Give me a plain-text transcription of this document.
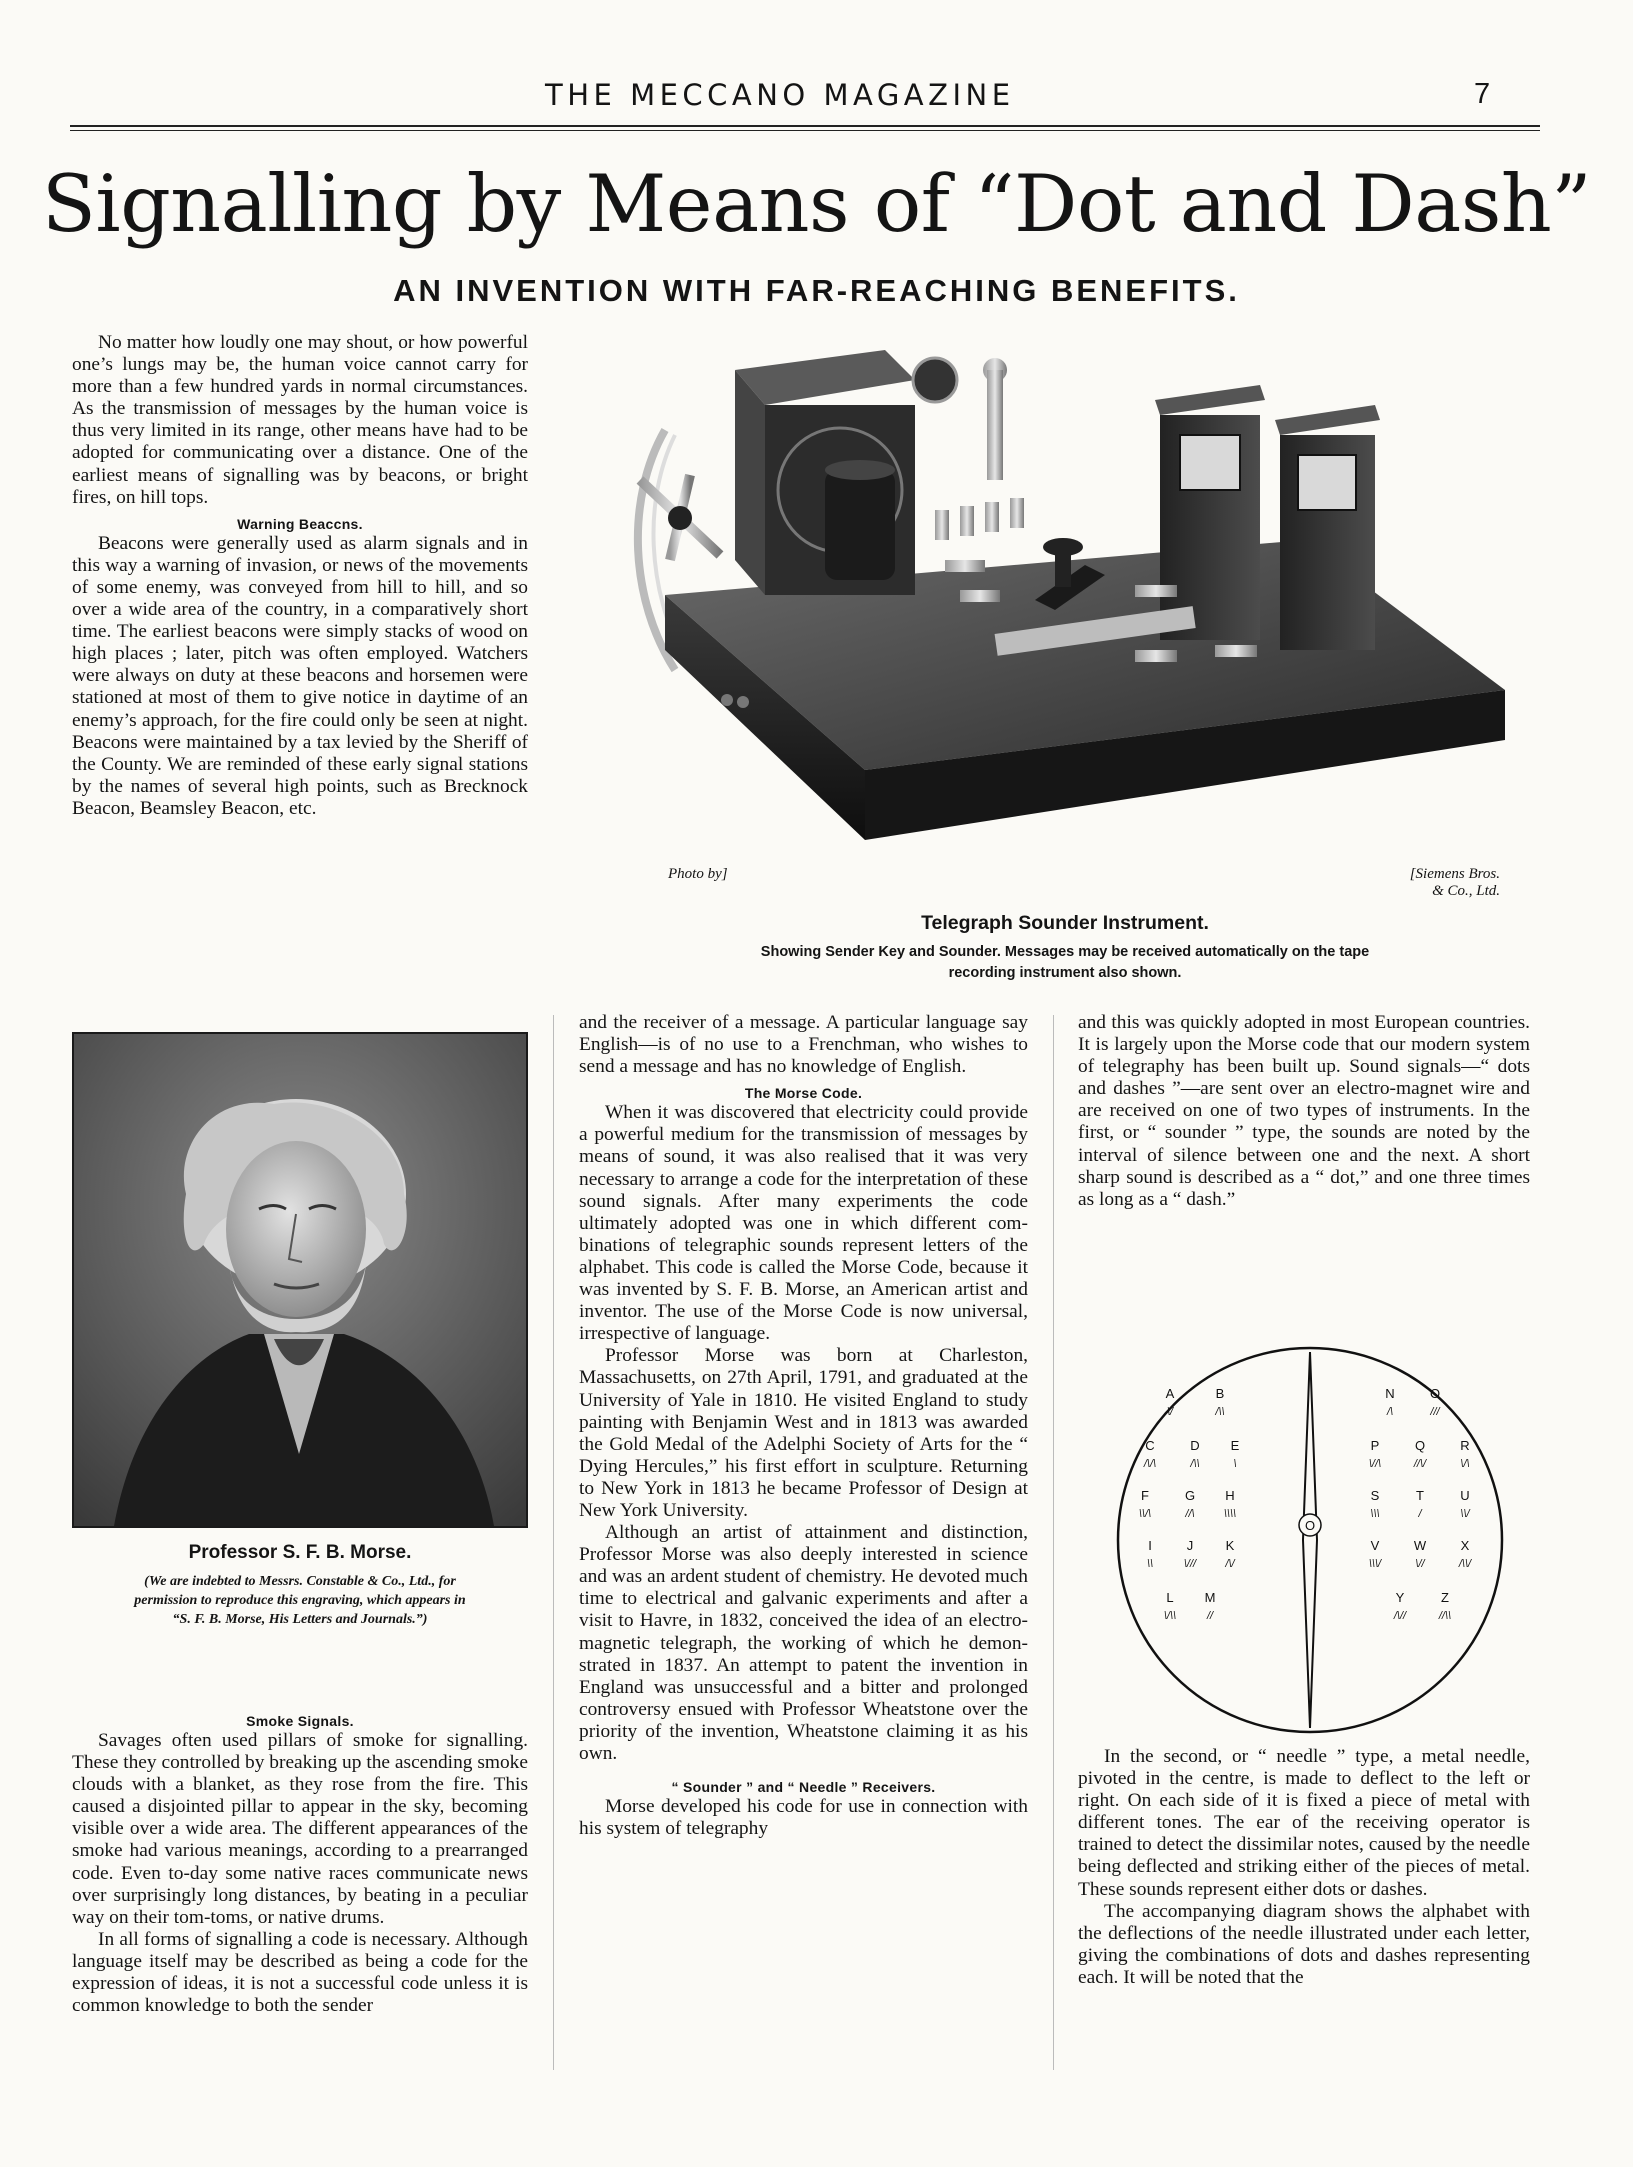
THE MECCANO MAGAZINE	7
Signalling by Means of “Dot and Dash”
AN INVENTION WITH FAR-REACHING BENEFITS.

No matter how loudly one may shout, or how powerful one’s lungs may be, the human voice cannot carry for more than a few hundred yards in normal circumstances. As the transmission of messages by the human voice is thus very limited in its range, other means have had to be adopted for communicating over a distance. One of the earliest means of signalling was by beacons, or bright fires, on hill tops.

Warning Beaccns.

Beacons were generally used as alarm signals and in this way a warning of invasion, or news of the movements of some enemy, was conveyed from hill to hill, and so over a wide area of the country, in a comparatively short time. The earliest beacons were simply stacks of wood on high places ; later, pitch was often employed. Watchers were always on duty at these beacons and horsemen were stationed at most of them to give notice in daytime of an enemy’s approach, for the fire could only be seen at night. Beacons were maintained by a tax levied by the Sheriff of the County. We are reminded of these early signal stations by the names of several high points, such as Brecknock Beacon, Beamsley Beacon, etc.

Photo by]	[Siemens Bros.
& Co., Ltd.
Telegraph Sounder Instrument.
Showing Sender Key and Sounder. Messages may be received automatically on the tape
recording instrument also shown.
Professor S. F. B. Morse.
(We are indebted to Messrs. Constable & Co., Ltd., for
permission to reproduce this engraving, which appears in
“S. F. B. Morse, His Letters and Journals.”)
Smoke Signals.

Savages often used pillars of smoke for signalling. These they controlled by breaking up the ascending smoke clouds with a blanket, as they rose from the fire. This caused a disjointed pillar to appear in the sky, becoming visible over a wide area. The different appearances of the smoke had various meanings, according to a prearranged code. Even to-day some native races communicate news over surprisingly long distances, by beating in a peculiar way on their tom-toms, or native drums.

In all forms of signalling a code is necessary. Although language itself may be described as being a code for the expression of ideas, it is not a successful code unless it is common knowledge to both the sender

and the receiver of a message. A particular language say English—is of no use to a Frenchman, who wishes to send a message and has no knowledge of English.

The Morse Code.

When it was discovered that electricity could provide a powerful medium for the transmission of messages by means of sound, it was also realised that it was very necessary to arrange a code for the interpretation of these sound signals. After many experiments the code ultimately adopted was one in which different combinations of telegraphic sounds represent letters of the alphabet. This code is called the Morse Code, because it was invented by S. F. B. Morse, an American artist and inventor. The use of the Morse Code is now universal, irrespective of language.

Professor Morse was born at Charleston, Massachusetts, on 27th April, 1791, and graduated at the University of Yale in 1810. He visited England to study painting with Benjamin West and in 1813 was awarded the Gold Medal of the Adelphi Society of Arts for the “ Dying Hercules,” his first effort in sculpture. Returning to New York in 1813 he became Professor of Design at New York University.

Although an artist of attainment and distinction, Professor Morse was also deeply interested in science and was an ardent student of chemistry. He devoted much time to electrical and galvanic experiments and after a visit to Havre, in 1832, conceived the idea of an electro-magnetic telegraph, the working of which he demonstrated in 1837. An attempt to patent the invention in England was unsuccessful and a bitter and prolonged controversy ensued with Professor Wheatstone over the priority of the invention, Wheatstone claiming it as his own.

“ Sounder ” and “ Needle ” Receivers.

Morse developed his code for use in connection with his system of telegraphy

and this was quickly adopted in most European countries. It is largely upon the Morse code that our modern system of telegraphy has been built up. Sound signals—“ dots and dashes ”—are sent over an electro-magnet wire and are received on one of two types of instruments. In the first, or “ sounder ” type, the sounds are noted by the interval of silence between one and the next. A short sharp sound is described as a “ dot,” and one three times as long as a “ dash.”

O
A
\/
B
/\\
C
/\/\
D
/\\
E
\
F
\\/\
G
//\
H
\\\\
I
\\
J
\///
K
/\/
L
\/\\
M
//
N
/\
O
///
P
\//\
Q
//\/
R
\/\
S
\\\
T
/
U
\\/
V
\\\/
W
\//
X
/\\/
Y
/\//
Z
//\\

In the second, or “ needle ” type, a metal needle, pivoted in the centre, is made to deflect to the left or right. On each side of it is fixed a piece of metal with different tones. The ear of the receiving operator is trained to detect the dissimilar notes, caused by the needle being deflected and striking either of the pieces of metal. These sounds represent either dots or dashes.

The accompanying diagram shows the alphabet with the deflections of the needle illustrated under each letter, giving the combinations of dots and dashes representing each. It will be noted that the
